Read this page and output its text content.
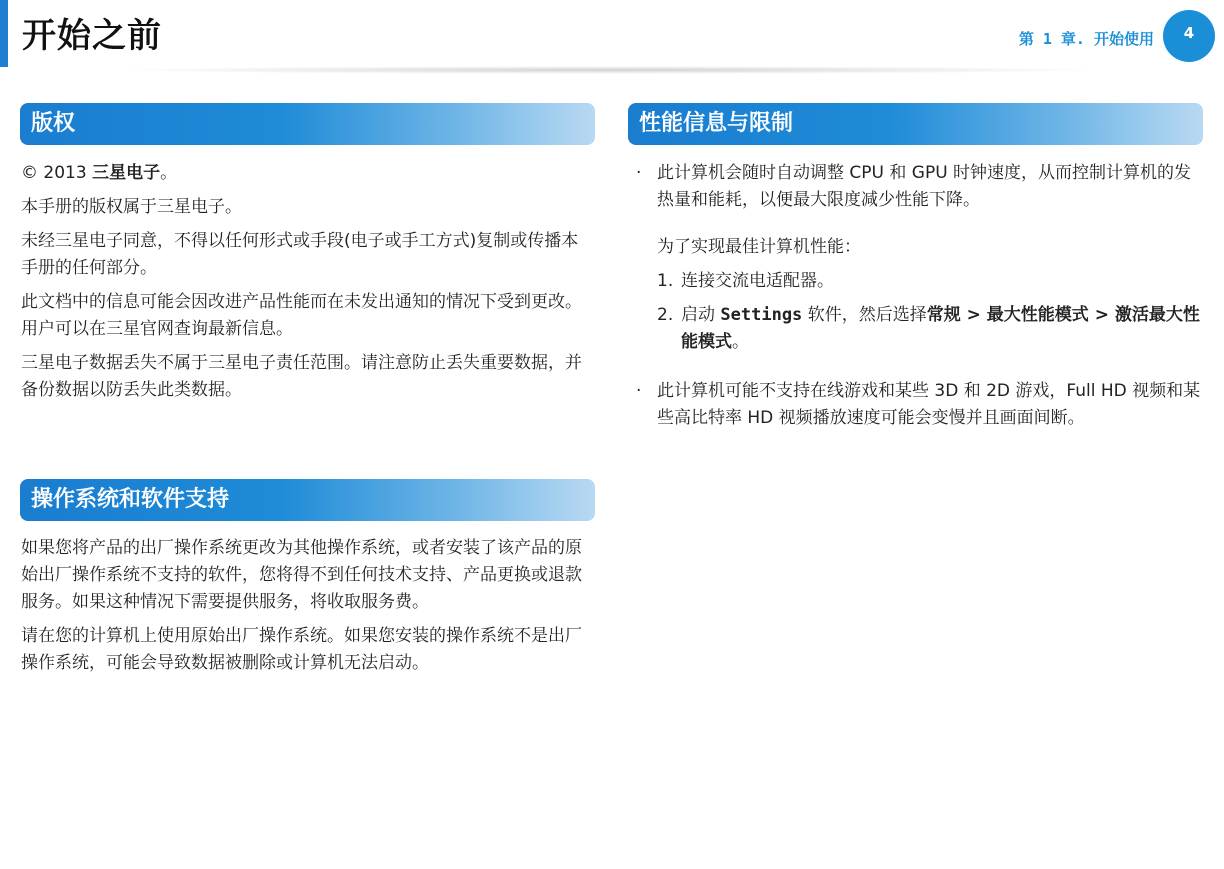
开始之前	第 1 章. 开始使用	4
版权

© 2013 三星电子。

本手册的版权属于三星电子。

未经三星电子同意，不得以任何形式或手段(电子或手工方式)复制或传播本手册的任何部分。

此文档中的信息可能会因改进产品性能而在未发出通知的情况下受到更改。用户可以在三星官网查询最新信息。

三星电子数据丢失不属于三星电子责任范围。请注意防止丢失重要数据，并备份数据以防丢失此类数据。

操作系统和软件支持

如果您将产品的出厂操作系统更改为其他操作系统，或者安装了该产品的原始出厂操作系统不支持的软件，您将得不到任何技术支持、产品更换或退款服务。如果这种情况下需要提供服务，将收取服务费。

请在您的计算机上使用原始出厂操作系统。如果您安装的操作系统不是出厂操作系统，可能会导致数据被删除或计算机无法启动。

性能信息与限制
· 此计算机会随时自动调整 CPU 和 GPU 时钟速度，从而控制计算机的发热量和能耗，以便最大限度减少性能下降。

为了实现最佳计算机性能：

1. 连接交流电适配器。
2. 启动 Settings 软件，然后选择常规 > 最大性能模式 > 激活最大性能模式。
· 此计算机可能不支持在线游戏和某些 3D 和 2D 游戏，Full HD 视频和某些高比特率 HD 视频播放速度可能会变慢并且画面间断。
